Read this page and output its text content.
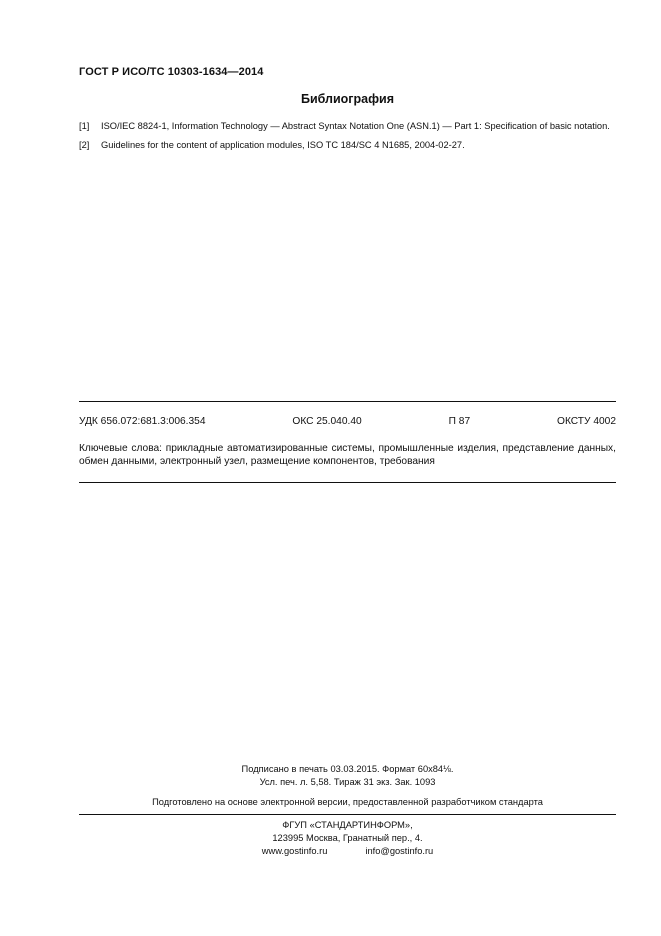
ГОСТ Р ИСО/ТС 10303-1634—2014
Библиография
[1]	ISO/IEC 8824-1, Information Technology — Abstract Syntax Notation One (ASN.1) — Part 1: Specification of basic notation.
[2]	Guidelines for the content of application modules, ISO TC 184/SC 4 N1685, 2004-02-27.
УДК 656.072:681.3:006.354	ОКС 25.040.40	П 87	ОКСТУ 4002
Ключевые слова: прикладные автоматизированные системы, промышленные изделия, представление данных, обмен данными, электронный узел, размещение компонентов, требования
Подписано в печать 03.03.2015. Формат 60x84⅛.
Усл. печ. л. 5,58. Тираж 31 экз. Зак. 1093
Подготовлено на основе электронной версии, предоставленной разработчиком стандарта
ФГУП «СТАНДАРТИНФОРМ»,
123995 Москва, Гранатный пер., 4.
www.gostinfo.ru	info@gostinfo.ru
